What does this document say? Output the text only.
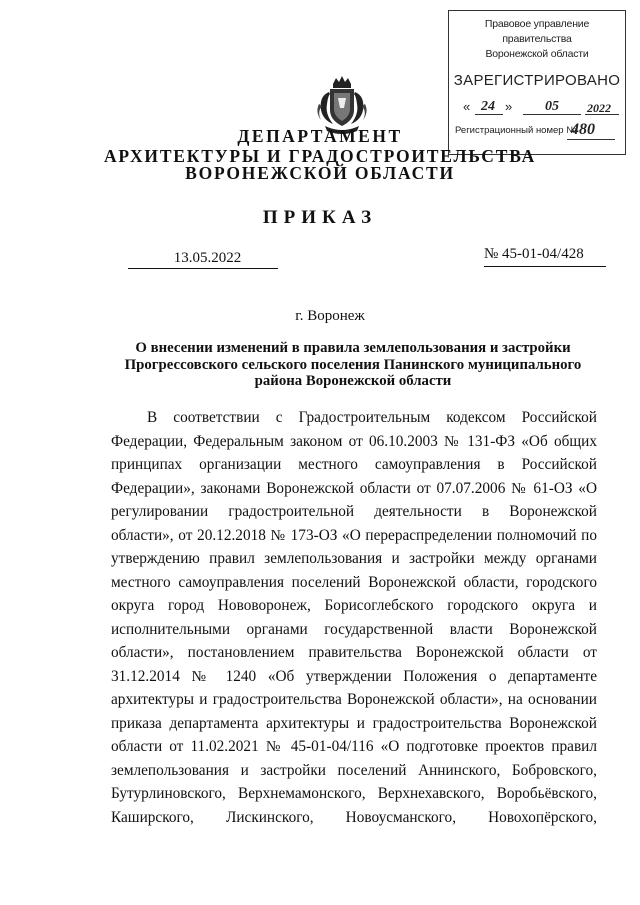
Правовое управление правительства
Воронежской области
ЗАРЕГИСТРИРОВАНО
« 24 » 05 2022
Регистрационный номер №
480
ДЕПАРТАМЕНТ
АРХИТЕКТУРЫ И ГРАДОСТРОИТЕЛЬСТВА
ВОРОНЕЖСКОЙ ОБЛАСТИ
ПРИКАЗ
13.05.2022	№ 45-01-04/428
г. Воронеж
О внесении изменений в правила землепользования и застройки Прогрессовского сельского поселения Панинского муниципального района Воронежской области

В соответствии с Градостроительным кодексом Российской Федерации, Федеральным законом от 06.10.2003 № 131-ФЗ «Об общих принципах организации местного самоуправления в Российской Федерации», законами Воронежской области от 07.07.2006 № 61-ОЗ «О регулировании градостроительной деятельности в Воронежской области», от 20.12.2018 № 173-ОЗ «О перераспределении полномочий по утверждению правил землепользования и застройки между органами местного самоуправления поселений Воронежской области, городского округа город Нововоронеж, Борисоглебского городского округа и исполнительными органами государственной власти Воронежской области», постановлением правительства Воронежской области от 31.12.2014 № 1240 «Об утверждении Положения о департаменте архитектуры и градостроительства Воронежской области», на основании приказа департамента архитектуры и градостроительства Воронежской области от 11.02.2021 № 45-01-04/116 «О подготовке проектов правил землепользования и застройки поселений Аннинского, Бобровского, Бутурлиновского, Верхнемамонского, Верхнехавского, Воробьёвского, Каширского, Лискинского, Новоусманского, Новохопёрского,
